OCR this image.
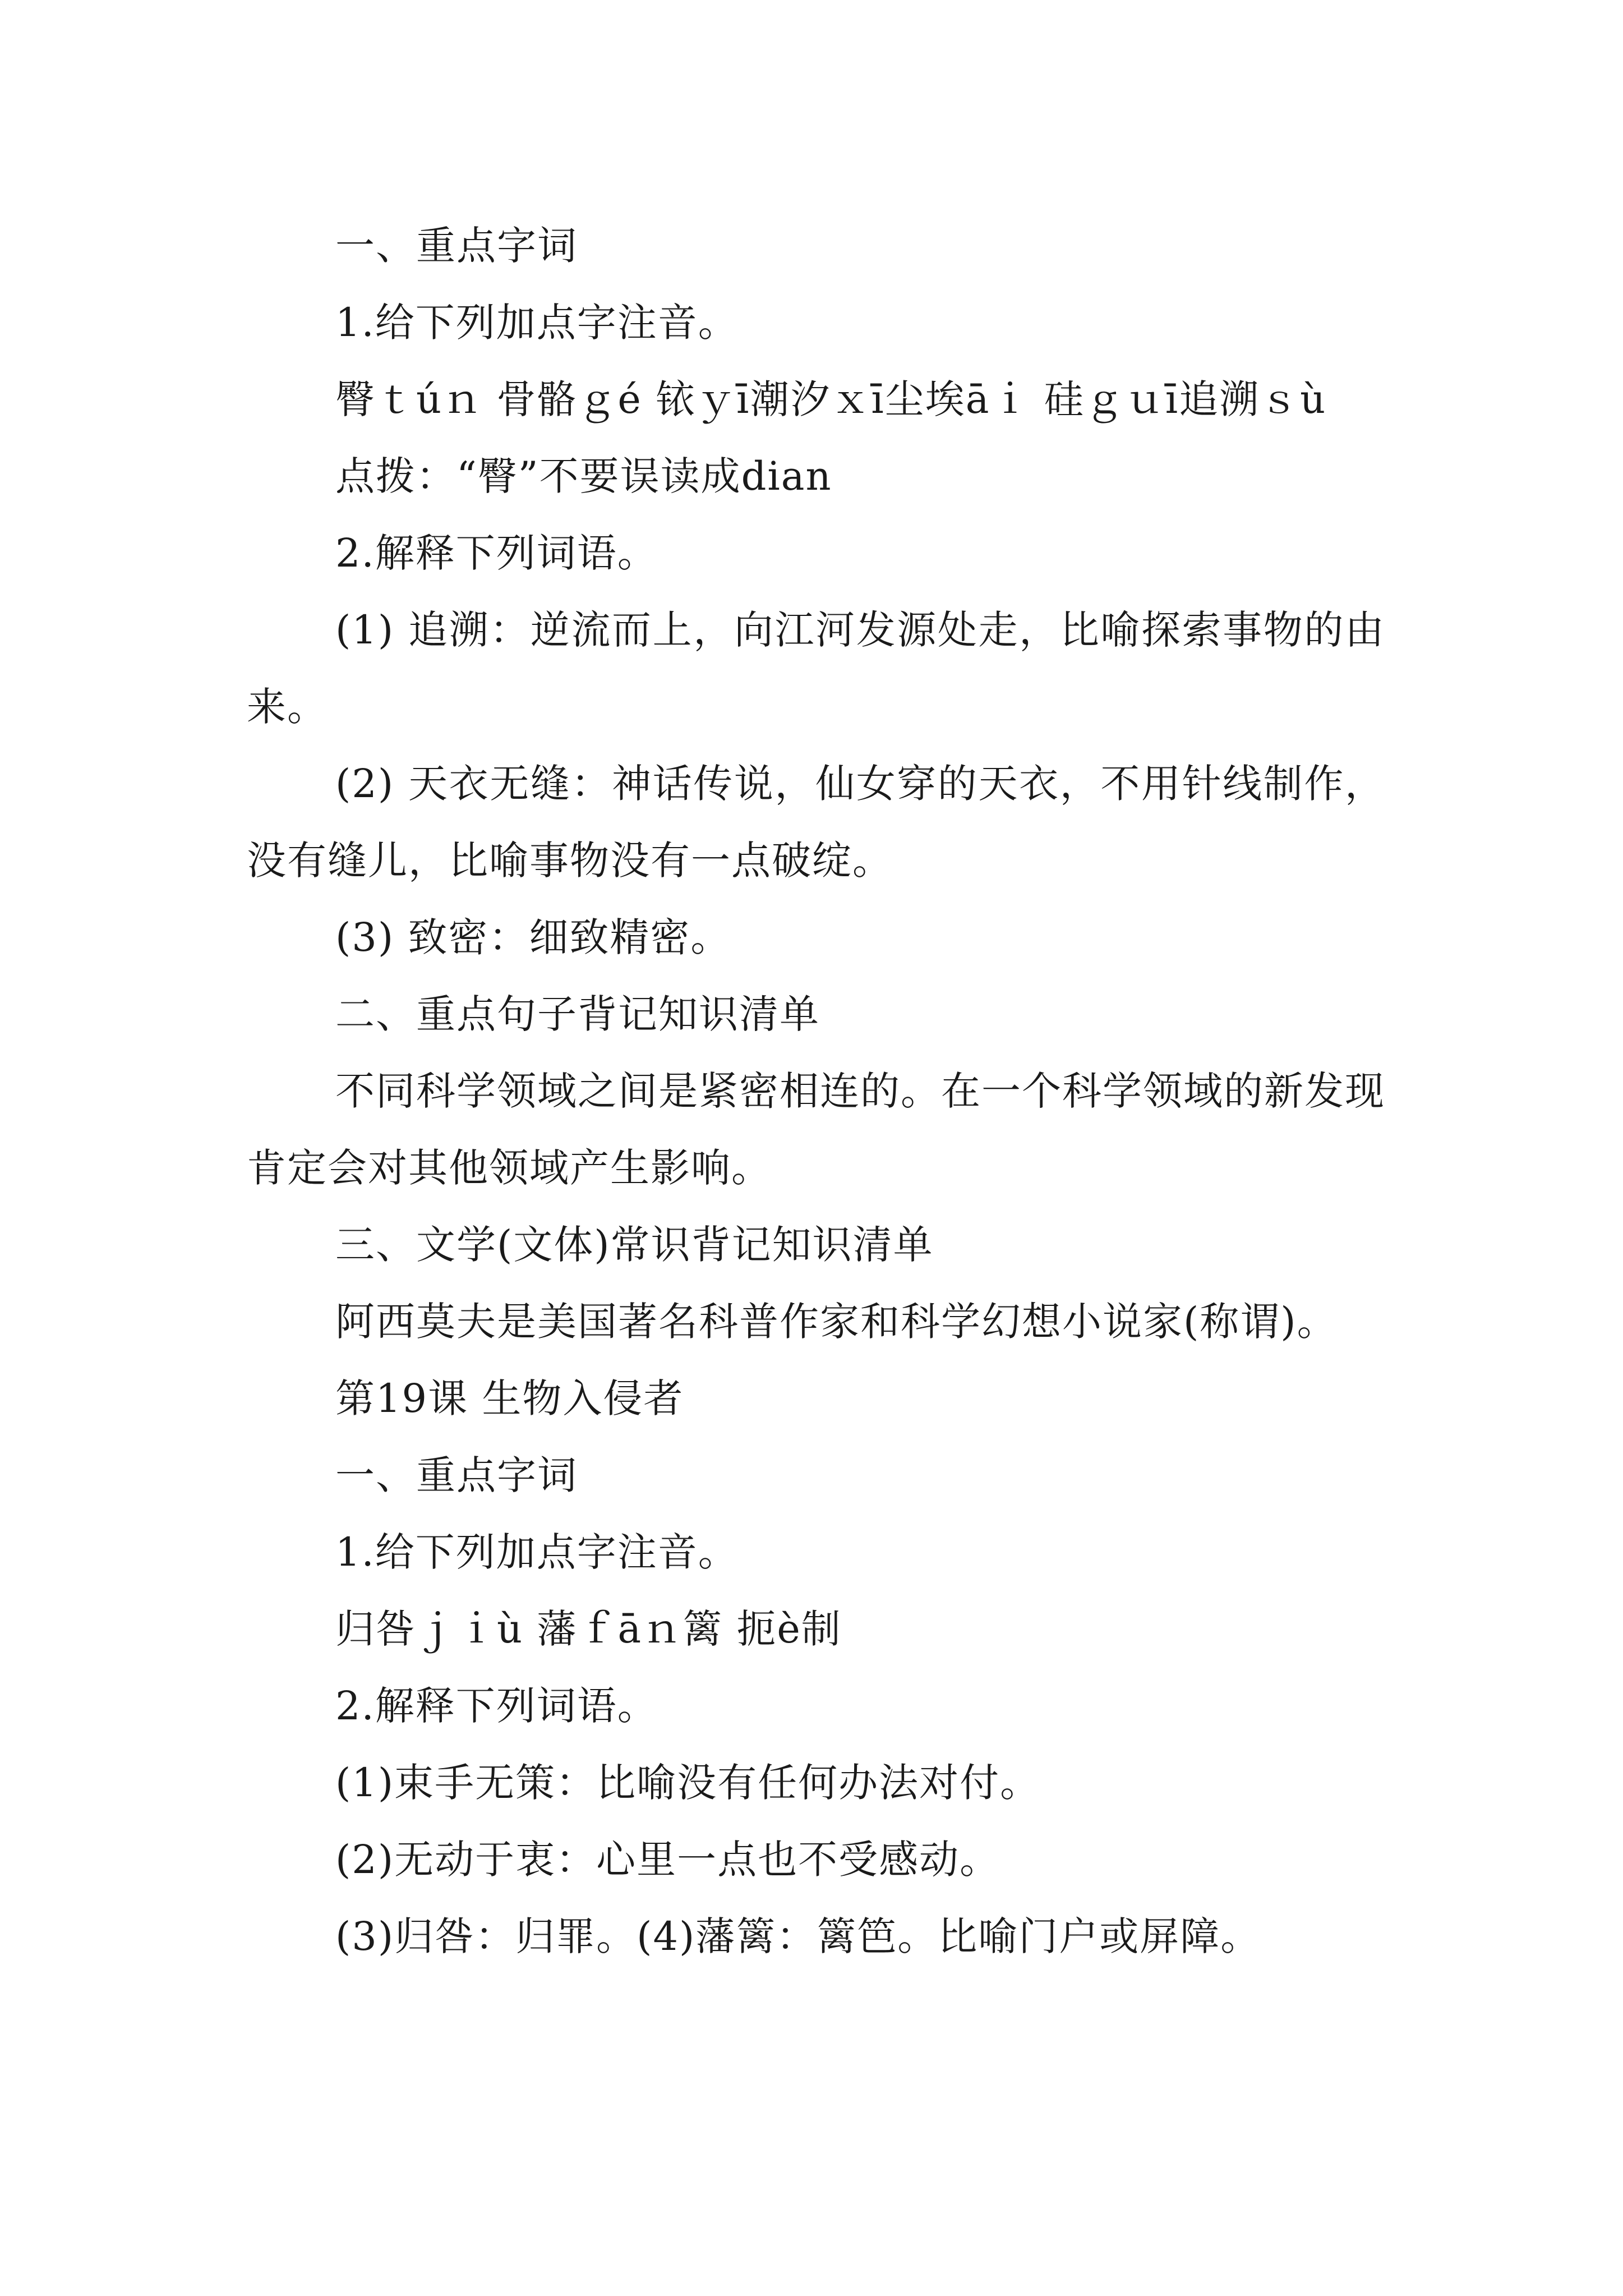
一、重点字词

1.给下列加点字注音。

臀ｔúｎ 骨骼ｇé 铱ｙī潮汐ｘī尘埃āｉ 硅ｇｕī追溯ｓù

点拨：“臀”不要误读成dian

2.解释下列词语。

(1) 追溯：逆流而上，向江河发源处走，比喻探索事物的由来。

(2) 天衣无缝：神话传说，仙女穿的天衣，不用针线制作，没有缝儿，比喻事物没有一点破绽。

(3) 致密：细致精密。

二、重点句子背记知识清单

不同科学领域之间是紧密相连的。在一个科学领域的新发现肯定会对其他领域产生影响。

三、文学(文体)常识背记知识清单

阿西莫夫是美国著名科普作家和科学幻想小说家(称谓)。

第19课 生物入侵者

一、重点字词

1.给下列加点字注音。

归咎ｊｉù 藩ｆāｎ篱 扼è制

2.解释下列词语。

(1)束手无策：比喻没有任何办法对付。

(2)无动于衷：心里一点也不受感动。

(3)归咎：归罪。(4)藩篱：篱笆。比喻门户或屏障。
